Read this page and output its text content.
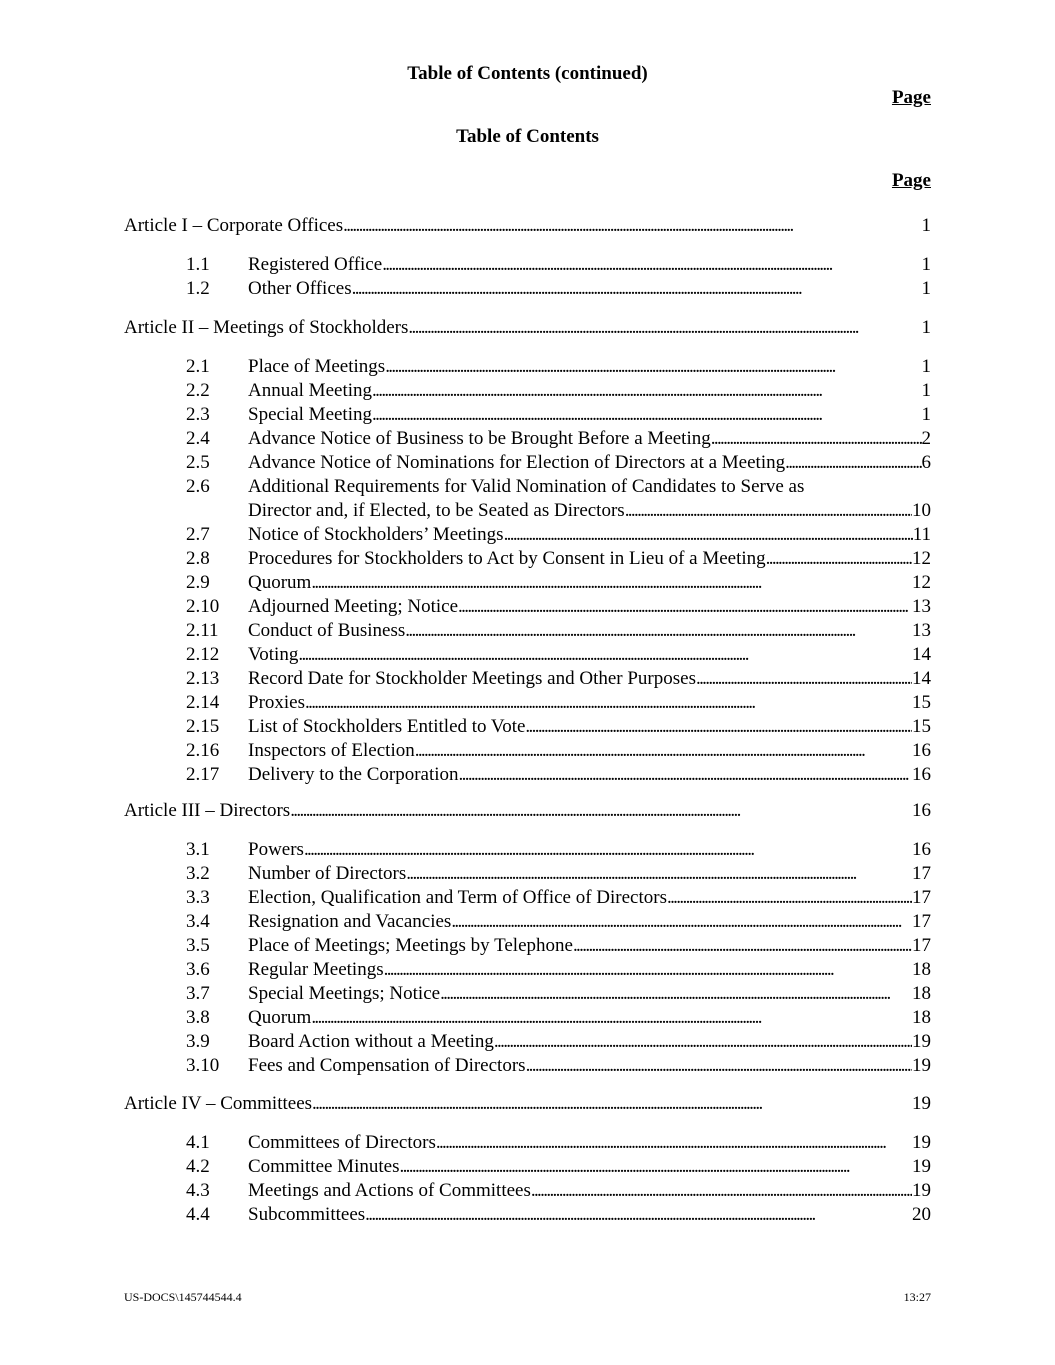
Table of Contents (continued)
Page
Table of Contents
Page
Article I – Corporate Offices . . .	1
1.1	Registered Office . . .	1
1.2	Other Offices . . .	1
Article II – Meetings of Stockholders . . .	1
2.1	Place of Meetings . . .	1
2.2	Annual Meeting . . .	1
2.3	Special Meeting . . .	1
2.4	Advance Notice of Business to be Brought Before a Meeting . . .	2
2.5	Advance Notice of Nominations for Election of Directors at a Meeting . . .	6
2.6	Additional Requirements for Valid Nomination of Candidates to Serve as
Director and, if Elected, to be Seated as Directors . . .	10
2.7	Notice of Stockholders’ Meetings . . .	11
2.8	Procedures for Stockholders to Act by Consent in Lieu of a Meeting . . .	12
2.9	Quorum . . .	12
2.10	Adjourned Meeting; Notice . . .	13
2.11	Conduct of Business . . .	13
2.12	Voting . . .	14
2.13	Record Date for Stockholder Meetings and Other Purposes . . .	14
2.14	Proxies . . .	15
2.15	List of Stockholders Entitled to Vote . . .	15
2.16	Inspectors of Election . . .	16
2.17	Delivery to the Corporation . . .	16
Article III – Directors . . .	16
3.1	Powers . . .	16
3.2	Number of Directors . . .	17
3.3	Election, Qualification and Term of Office of Directors . . .	17
3.4	Resignation and Vacancies . . .	17
3.5	Place of Meetings; Meetings by Telephone . . .	17
3.6	Regular Meetings . . .	18
3.7	Special Meetings; Notice . . .	18
3.8	Quorum . . .	18
3.9	Board Action without a Meeting . . .	19
3.10	Fees and Compensation of Directors . . .	19
Article IV – Committees . . .	19
4.1	Committees of Directors . . .	19
4.2	Committee Minutes . . .	19
4.3	Meetings and Actions of Committees . . .	19
4.4	Subcommittees . . .	20
US-DOCS\145744544.4	13:27
